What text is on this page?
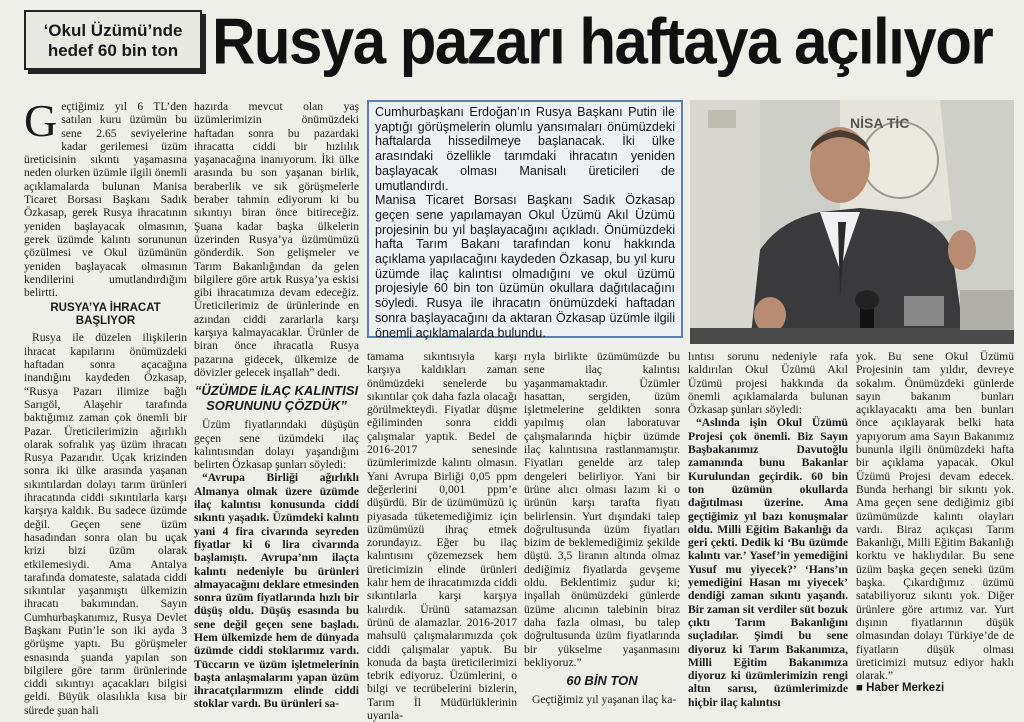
‘Okul Üzümü’nde
hedef 60 bin ton Rusya pazarı haftaya açılıyor

Geçtiğimiz yıl 6 TL’den satılan kuru üzümün bu sene 2.65 seviyelerine kadar gerilemesi üzüm üreticisinin sıkıntı yaşamasına neden olurken üzümle ilgili önemli açıklamalarda bulunan Manisa Ticaret Borsası Başkanı Sadık Özkasap, gerek Rusya ihracatının yeniden başlayacak olmasının, gerek üzümde kalıntı sorununun çözülmesi ve Okul üzümünün yeniden başlayacak olmasının kendilerini umutlandırdığını belirtti.

RUSYA’YA İHRACAT BAŞLIYOR

Rusya ile düzelen ilişkilerin ihracat kapılarını önümüzdeki haftadan sonra açacağına inandığını kaydeden Özkasap, “Rusya Pazarı ilimize bağlı Sarıgöl, Alaşehir tarafında baktığımız zaman çok önemli bir Pazar. Üreticilerimizin ağırlıklı olarak sofralık yaş üzüm ihracatı Rusya Pazarıdır. Uçak krizinden sonra iki ülke arasında yaşanan sıkıntılardan dolayı tarım ürünleri ihracatında ciddi sıkıntılarla karşı karşıya kaldık. Bu sadece üzümde değil. Geçen sene üzüm hasadından sonra olan bu uçak krizi bizi üzüm olarak etkilemesiydi. Ama Antalya tarafında domateste, salatada ciddi sıkıntılar yaşanmıştı ülkemizin ihracatı bakımından. Sayın Cumhurbaşkanımız, Rusya Devlet Başkanı Putin’le son iki ayda 3 görüşme yaptı. Bu görüşmeler esnasında şuanda yapılan son bilgilere göre tarım ürünlerinde ciddi sıkıntıyı açacakları bilgisi geldi. Büyük olasılıkla kısa bir sürede şuan hali

hazırda mevcut olan yaş üzümlerimizin önümüzdeki haftadan sonra bu pazardaki ihracatta ciddi bir hızlılık yaşanacağına inanıyorum. İki ülke arasında bu son yaşanan birlik, beraberlik ve sık görüşmelerle beraber tahmin ediyorum ki bu sıkıntıyı biran önce bitireceğiz. Şuana kadar başka ülkelerin üzerinden Rusya’ya üzümümüzü gönderdik. Son gelişmeler ve Tarım Bakanlığından da gelen bilgilere göre artık Rusya’ya eskisi gibi ihracatımıza devam edeceğiz. Üreticilerimiz de ürünlerinde en azından ciddi zararlarla karşı karşıya kalmayacaklar. Ürünler de biran önce ihracatla Rusya pazarına gidecek, ülkemize de dövizler gelecek inşallah” dedi.

“ÜZÜMDE İLAÇ KALINTISI SORUNUNU ÇÖZDÜK”

Üzüm fiyatlarındaki düşüşün geçen sene üzümdeki ilaç kalıntısından dolayı yaşandığını belirten Özkasap şunları söyledi:

“Avrupa Birliği ağırlıklı Almanya olmak üzere üzümde ilaç kalıntısı konusunda ciddi sıkıntı yaşadık. Üzümdeki kalıntı yani 4 fira civarında seyreden fiyatlar ki 6 lira civarında başlamıştı. Avrupa’nın ilaçta kalıntı nedeniyle bu ürünleri almayacağını deklare etmesinden sonra üzüm fiyatlarında hızlı bir düşüş oldu. Düşüş esasında bu sene değil geçen sene başladı. Hem ülkemizde hem de dünyada üzümde ciddi stoklarımız vardı. Tüccarın ve üzüm işletmelerinin başta anlaşmalarını yapan üzüm ihracatçılarımızın elinde ciddi stoklar vardı. Bu ürünleri sa-

Cumhurbaşkanı Erdoğan’ın Rusya Başkanı Putin ile yaptığı görüşmelerin olumlu yansımaları önümüzdeki haftalarda hissedilmeye başlanacak. İki ülke arasındaki özellikle tarımdaki ihracatın yeniden başlayacak olması Manisalı üreticileri de umutlandırdı.
Manisa Ticaret Borsası Başkanı Sadık Özkasap geçen sene yapılamayan Okul Üzümü Akıl Üzümü projesinin bu yıl başlayacağını açıkladı. Önümüzdeki hafta Tarım Bakanı tarafından konu hakkında açıklama yapılacağını kaydeden Özkasap, bu yıl kuru üzümde ilaç kalıntısı olmadığını ve okul üzümü projesiyle 60 bin ton üzümün okullara dağıtılacağını söyledi. Rusya ile ihracatın önümüzdeki haftadan sonra başlayacağını da aktaran Özkasap üzümle ilgili önemli açıklamalarda bulundu.
NİSA TİC

tamama sıkıntısıyla karşı karşıya kaldıkları zaman önümüzdeki senelerde bu sıkıntılar çok daha fazla olacağı görülmekteydi. Fiyatlar düşme eğiliminden sonra ciddi çalışmalar yaptık. Bedel de 2016-2017 senesinde üzümlerimizde kalıntı olmasın. Yani Avrupa Birliği 0,05 ppm değerlerini 0,001 ppm’e düşürdü. Bir de üzümümüzü iç piyasada tüketemediğimiz için üzümümüzü ihraç etmek zorundayız. Eğer bu ilaç kalıntısını çözemezsek hem üreticimizin elinde ürünleri kalır hem de ihracatımızda ciddi sıkıntılarla karşı karşıya kalırdık. Ürünü satamazsan ürünü de alamazlar. 2016-2017 mahsulü çalışmalarımızda çok ciddi çalışmalar yaptık. Bu konuda da başta üreticilerimizi tebrik ediyoruz. Üzümlerini, o bilgi ve tecrübelerini bizlerin, Tarım İl Müdürlüklerinin uyarıla-

rıyla birlikte üzümümüzde bu sene ilaç kalıntısı yaşanmamaktadır. Üzümler hasattan, sergiden, üzüm işletmelerine geldikten sonra yapılmış olan laboratuvar çalışmalarında hiçbir üzümde ilaç kalıntısına rastlanmamıştır. Fiyatları genelde arz talep dengeleri belirliyor. Yani bir ürüne alıcı olması lazım ki o ürünün karşı tarafta fiyatı belirlensin. Yurt dışındaki talep doğrultusunda üzüm fiyatları bizim de beklemediğimiz şekilde düştü. 3,5 liranın altında olmaz dediğimiz fiyatlarda gevşeme oldu. Beklentimiz şudur ki; inşallah önümüzdeki günlerde üzüme alıcının talebinin biraz daha fazla olması, bu talep doğrultusunda üzüm fiyatlarında bir yükselme yaşanmasını bekliyoruz.”

60 BİN TON

Geçtiğimiz yıl yaşanan ilaç ka-

lıntısı sorunu nedeniyle rafa kaldırılan Okul Üzümü Akıl Üzümü projesi hakkında da önemli açıklamalarda bulunan Özkasap şunları söyledi:

“Aslında işin Okul Üzümü Projesi çok önemli. Biz Sayın Başbakanımız Davutoğlu zamanında bunu Bakanlar Kurulundan geçirdik. 60 bin ton üzümün okullarda dağıtılması üzerine. Ama geçtiğimiz yıl bazı konuşmalar oldu. Milli Eğitim Bakanlığı da geri çekti. Dedik ki ‘Bu üzümde kalıntı var.’ Yasef’in yemediğini Yusuf mu yiyecek?’ ‘Hans’ın yemediğini Hasan mı yiyecek’ dendiği zaman sıkıntı yaşandı. Bir zaman sit verdiler süt bozuk çıktı Tarım Bakanlığını suçladılar. Şimdi bu sene diyoruz ki Tarım Bakanımıza, Milli Eğitim Bakanımıza diyoruz ki üzümlerimizin rengi altın sarısı, üzümlerimizde hiçbir ilaç kalıntısı

yok. Bu sene Okul Üzümü Projesinin tam yıldır, devreye sokalım. Önümüzdeki günlerde sayın bakanım bunları açıklayacaktı ama ben bunları önce açıklayarak belki hata yapıyorum ama Sayın Bakanımız bununla ilgili önümüzdeki hafta bir açıklama yapacak. Okul Üzümü Projesi devam edecek. Bunda herhangi bir sıkıntı yok. Ama geçen sene dediğimiz gibi üzümümüzde kalıntı olayları vardı. Biraz açıkçası Tarım Bakanlığı, Milli Eğitim Bakanlığı korktu ve haklıydılar. Bu sene üzüm başka geçen seneki üzüm başka. Çıkardığımız üzümü satabiliyoruz sıkıntı yok. Diğer ürünlere göre artımız var. Yurt dışının fiyatlarının düşük olmasından dolayı Türkiye’de de fiyatların düşük olması üreticimizi mutsuz ediyor haklı olarak.”

■ Haber Merkezi
